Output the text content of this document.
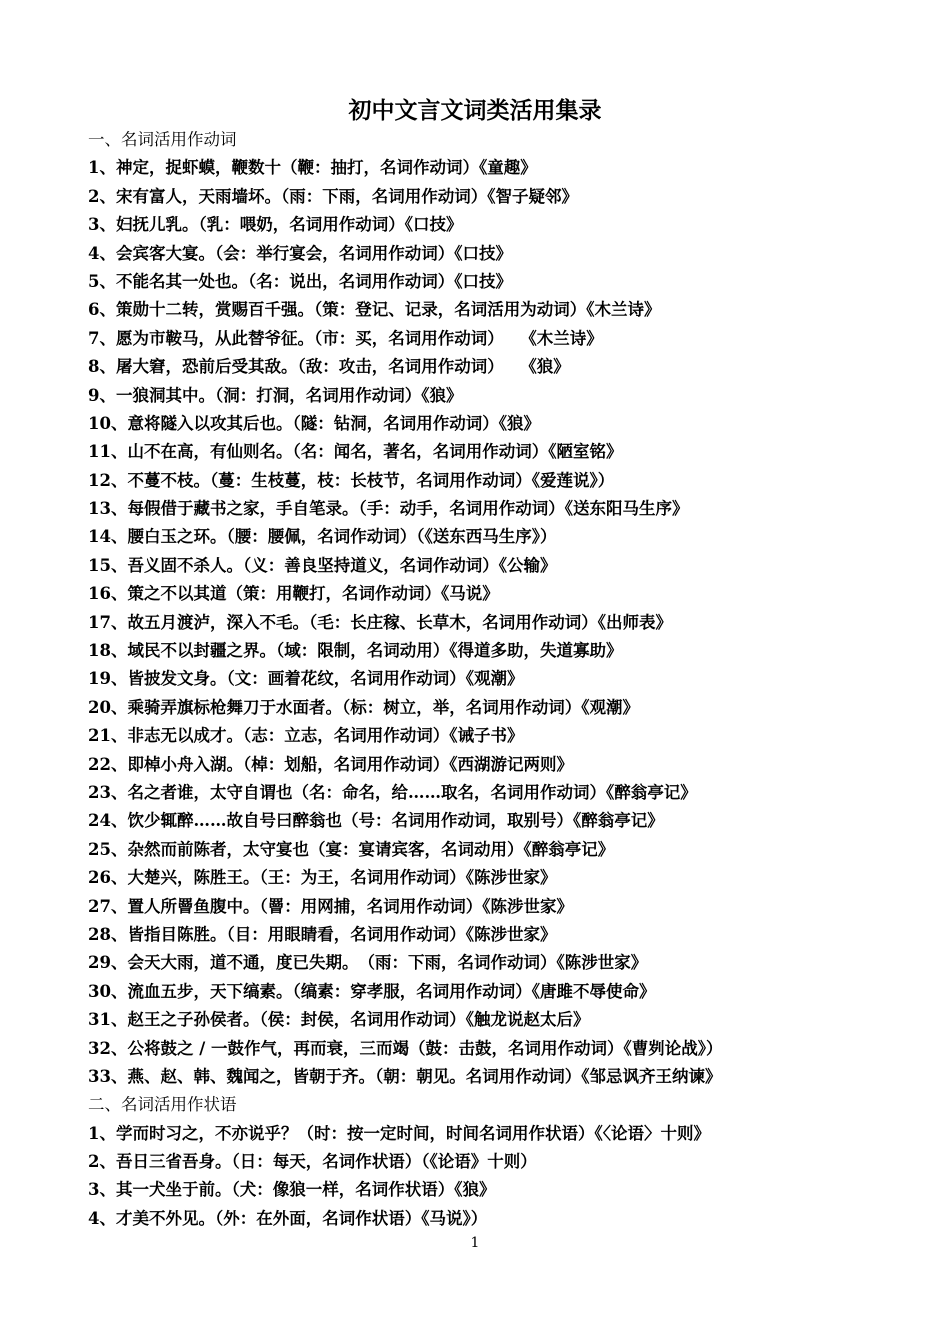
初中文言文词类活用集录
一、名词活用作动词
1、神定，捉虾蟆，鞭数十（鞭：抽打，名词作动词）《童趣》
2、宋有富人，天雨墙坏。（雨：下雨，名词用作动词）《智子疑邻》
3、妇抚儿乳。（乳：喂奶，名词用作动词）《口技》
4、会宾客大宴。（会：举行宴会，名词用作动词）《口技》
5、不能名其一处也。（名：说出，名词用作动词）《口技》
6、策勋十二转，赏赐百千强。（策：登记、记录，名词活用为动词）《木兰诗》
7、愿为市鞍马，从此替爷征。（市：买，名词用作动词）　　《木兰诗》
8、屠大窘，恐前后受其敌。（敌：攻击，名词用作动词）　　《狼》
9、一狼洞其中。（洞：打洞，名词用作动词）《狼》
10、意将隧入以攻其后也。（隧：钻洞，名词用作动词）《狼》
11、山不在高，有仙则名。（名：闻名，著名，名词用作动词）《陋室铭》
12、不蔓不枝。（蔓：生枝蔓，枝：长枝节，名词用作动词）《爱莲说》）
13、每假借于藏书之家，手自笔录。（手：动手，名词用作动词）《送东阳马生序》
14、腰白玉之环。（腰：腰佩，名词作动词）（《送东西马生序》）
15、吾义固不杀人。（义：善良坚持道义，名词作动词）《公输》
16、策之不以其道（策：用鞭打，名词作动词）《马说》
17、故五月渡泸，深入不毛。（毛：长庄稼、长草木，名词用作动词）《出师表》
18、域民不以封疆之界。（域：限制，名词动用）《得道多助，失道寡助》
19、皆披发文身。（文：画着花纹，名词用作动词）《观潮》
20、乘骑弄旗标枪舞刀于水面者。（标：树立，举，名词用作动词）《观潮》
21、非志无以成才。（志：立志，名词用作动词）《诫子书》
22、即棹小舟入湖。（棹：划船，名词用作动词）《西湖游记两则》
23、名之者谁，太守自谓也（名：命名，给……取名，名词用作动词）《醉翁亭记》
24、饮少辄醉……故自号曰醉翁也（号：名词用作动词，取别号）《醉翁亭记》
25、杂然而前陈者，太守宴也（宴：宴请宾客，名词动用）《醉翁亭记》
26、大楚兴，陈胜王。（王：为王，名词用作动词）《陈涉世家》
27、置人所罾鱼腹中。（罾：用网捕，名词用作动词）《陈涉世家》
28、皆指目陈胜。（目：用眼睛看，名词用作动词）《陈涉世家》
29、会天大雨，道不通，度已失期。　（雨：下雨，名词作动词）《陈涉世家》
30、流血五步，天下缟素。（缟素：穿孝服，名词用作动词）《唐雎不辱使命》
31、赵王之子孙侯者。（侯：封侯，名词用作动词）《触龙说赵太后》
32、公将鼓之 / 一鼓作气，再而衰，三而竭（鼓：击鼓，名词用作动词）《曹刿论战》）
33、燕、赵、韩、魏闻之，皆朝于齐。（朝：朝见。名词用作动词）《邹忌讽齐王纳谏》
二、名词活用作状语
1、学而时习之，不亦说乎？（时：按一定时间，时间名词用作状语）《〈论语〉十则》
2、吾日三省吾身。（日：每天，名词作状语）（《论语》十则）
3、其一犬坐于前。（犬：像狼一样，名词作状语）《狼》
4、才美不外见。（外：在外面，名词作状语）《马说》）
1
